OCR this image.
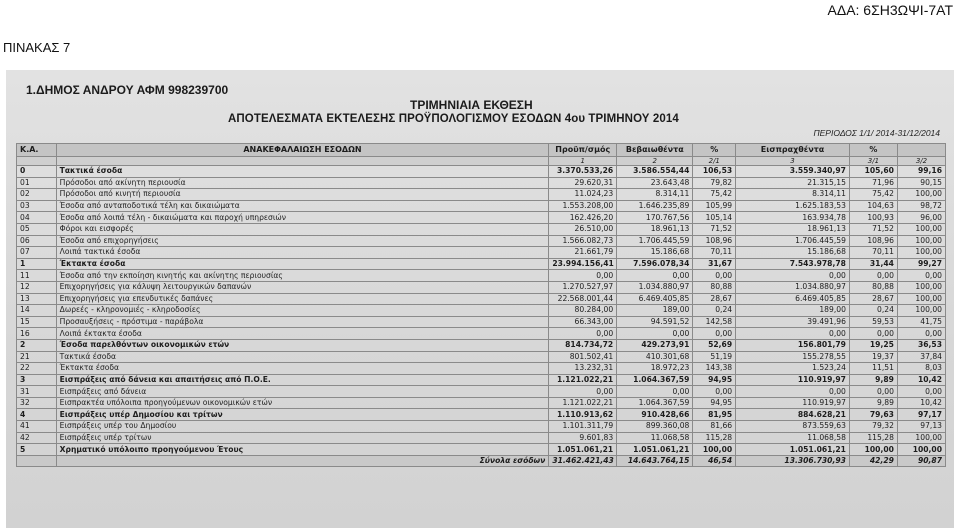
ΑΔΑ: 6ΣΗ3ΩΨΙ-7ΑΤ
ΠΙΝΑΚΑΣ 7
1.ΔΗΜΟΣ ΑΝΔΡΟΥ ΑΦΜ 998239700
ΤΡΙΜΗΝΙΑΙΑ ΕΚΘΕΣΗ
ΑΠΟΤΕΛΕΣΜΑΤΑ ΕΚΤΕΛΕΣΗΣ ΠΡΟΫΠΟΛΟΓΙΣΜΟΥ ΕΣΟΔΩΝ 4ου ΤΡΙΜΗΝΟΥ 2014
ΠΕΡΙΟΔΟΣ 1/1/ 2014-31/12/2014
Κ.Α.	ΑΝΑΚΕΦΑΛΑΙΩΣΗ ΕΣΟΔΩΝ	Προϋπ/σμός	Βεβαιωθέντα	%	Εισπραχθέντα	%	
		1	2	2/1	3	3/1	3/2
0	Τακτικά έσοδα	3.370.533,26	3.586.554,44	106,53	3.559.340,97	105,60	99,16
01	Πρόσοδοι από ακίνητη περιουσία	29.620,31	23.643,48	79,82	21.315,15	71,96	90,15
02	Πρόσοδοι από κινητή περιουσία	11.024,23	8.314,11	75,42	8.314,11	75,42	100,00
03	Έσοδα από ανταποδοτικά τέλη και δικαιώματα	1.553.208,00	1.646.235,89	105,99	1.625.183,53	104,63	98,72
04	Έσοδα από λοιπά τέλη - δικαιώματα και παροχή υπηρεσιών	162.426,20	170.767,56	105,14	163.934,78	100,93	96,00
05	Φόροι και εισφορές	26.510,00	18.961,13	71,52	18.961,13	71,52	100,00
06	Έσοδα από επιχορηγήσεις	1.566.082,73	1.706.445,59	108,96	1.706.445,59	108,96	100,00
07	Λοιπά τακτικά έσοδα	21.661,79	15.186,68	70,11	15.186,68	70,11	100,00
1	Έκτακτα έσοδα	23.994.156,41	7.596.078,34	31,67	7.543.978,78	31,44	99,27
11	Έσοδα από την εκποίηση κινητής και ακίνητης περιουσίας	0,00	0,00	0,00	0,00	0,00	0,00
12	Επιχορηγήσεις για κάλυψη λειτουργικών δαπανών	1.270.527,97	1.034.880,97	80,88	1.034.880,97	80,88	100,00
13	Επιχορηγήσεις για επενδυτικές δαπάνες	22.568.001,44	6.469.405,85	28,67	6.469.405,85	28,67	100,00
14	Δωρεές - κληρονομιές - κληροδοσίες	80.284,00	189,00	0,24	189,00	0,24	100,00
15	Προσαυξήσεις - πρόστιμα - παράβολα	66.343,00	94.591,52	142,58	39.491,96	59,53	41,75
16	Λοιπά έκτακτα έσοδα	0,00	0,00	0,00	0,00	0,00	0,00
2	Έσοδα παρελθόντων οικονομικών ετών	814.734,72	429.273,91	52,69	156.801,79	19,25	36,53
21	Τακτικά έσοδα	801.502,41	410.301,68	51,19	155.278,55	19,37	37,84
22	Έκτακτα έσοδα	13.232,31	18.972,23	143,38	1.523,24	11,51	8,03
3	Εισπράξεις από δάνεια και απαιτήσεις από Π.Ο.Ε.	1.121.022,21	1.064.367,59	94,95	110.919,97	9,89	10,42
31	Εισπράξεις από δάνεια	0,00	0,00	0,00	0,00	0,00	0,00
32	Εισπρακτέα υπόλοιπα προηγούμενων οικονομικών ετών	1.121.022,21	1.064.367,59	94,95	110.919,97	9,89	10,42
4	Εισπράξεις υπέρ Δημοσίου και τρίτων	1.110.913,62	910.428,66	81,95	884.628,21	79,63	97,17
41	Εισπράξεις υπέρ του Δημοσίου	1.101.311,79	899.360,08	81,66	873.559,63	79,32	97,13
42	Εισπράξεις υπέρ τρίτων	9.601,83	11.068,58	115,28	11.068,58	115,28	100,00
5	Χρηματικό υπόλοιπο προηγούμενου Έτους	1.051.061,21	1.051.061,21	100,00	1.051.061,21	100,00	100,00
	Σύνολα εσόδων	31.462.421,43	14.643.764,15	46,54	13.306.730,93	42,29	90,87
